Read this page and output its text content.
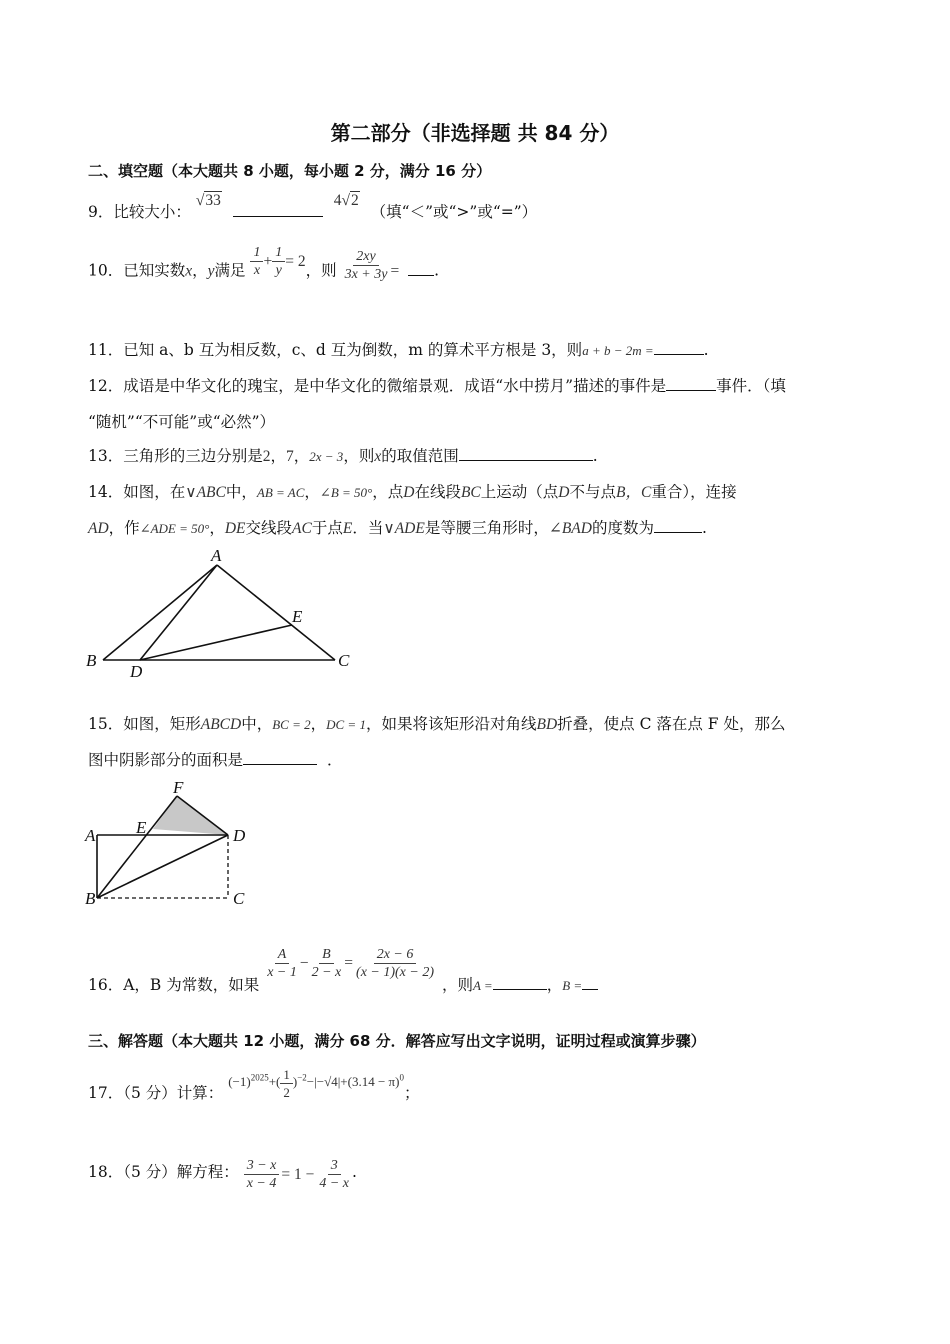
第二部分（非选择题 共 84 分）
二、填空题（本大题共 8 小题，每小题 2 分，满分 16 分）
9．比较大小： √33	4√2 （填“＜”或“>”或“=”）
10．已知实数x，y满足 $\frac{1}{x} + \frac{1}{y} = 2$，则 $\frac{2xy}{3x + 3y}$ = .
11．已知 a、b 互为相反数，c、d 互为倒数，m 的算术平方根是 3，则a + b − 2m =	.
12．成语是中华文化的瑰宝，是中华文化的微缩景观．成语“水中捞月”描述的事件是	事件．（填
“随机”“不可能”或“必然”）
13．三角形的三边分别是2，7，2x − 3，则x的取值范围	.
14．如图，在∨ABC中，AB = AC，∠B = 50°，点D在线段BC上运动（点D不与点B，C重合），连接
AD，作∠ADE = 50°，DE交线段AC于点E．当∨ADE是等腰三角形时，∠BAD的度数为	.
A
B	C
D
E
15．如图，矩形ABCD中，BC = 2，DC = 1，如果将该矩形沿对角线BD折叠，使点 C 落在点 F 处，那么
图中阴影部分的面积是	．
A
B	C
D
E
F
16．A，B 为常数，如果
$\frac{A}{x - 1} - \frac{B}{2 - x} = \frac{2x - 6}{(x - 1)(x - 2)}$
，则$_{A =}$	，$_{B =}$
三、解答题（本大题共 12 小题，满分 68 分．解答应写出文字说明，证明过程或演算步骤）
17．（5 分）计算： $(-1)^{2025}+( \frac{1}{2} )^{-2}-|-√4|+(3.14 - \pi)^0$；
18．（5 分）解方程： $\frac{3 - x}{x - 4} = 1 - \frac{3}{4 - x}$ .
